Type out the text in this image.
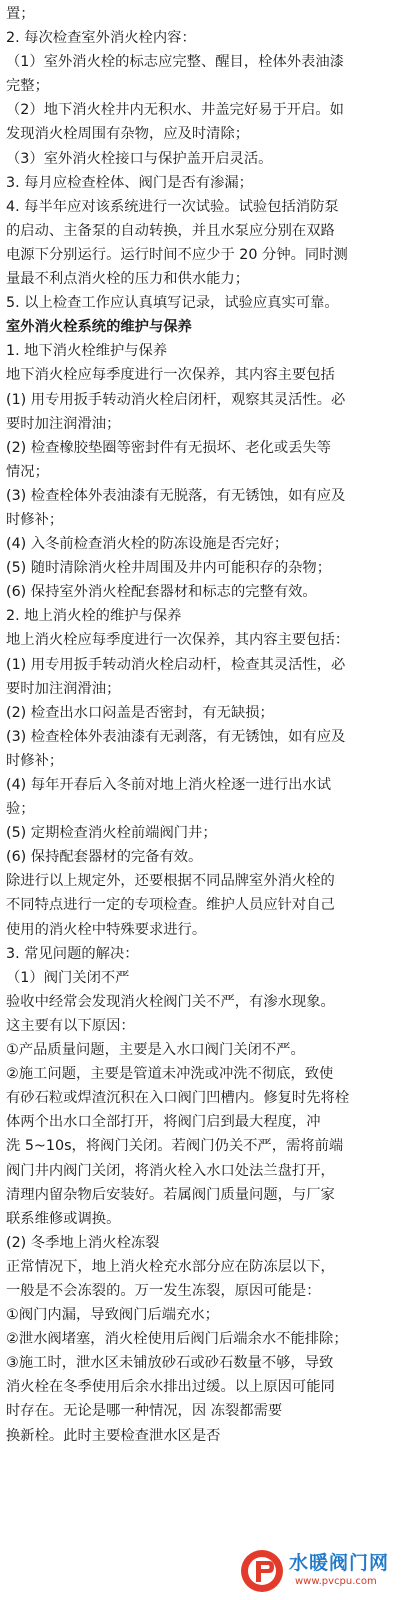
置；
2. 每次检查室外消火栓内容：
（1）室外消火栓的标志应完整、醒目，栓体外表油漆
完整；
（2）地下消火栓井内无积水、井盖完好易于开启。如
发现消火栓周围有杂物，应及时清除；
（3）室外消火栓接口与保护盖开启灵活。
3. 每月应检查栓体、阀门是否有渗漏；
4. 每半年应对该系统进行一次试验。试验包括消防泵
的启动、主备泵的自动转换，并且水泵应分别在双路
电源下分别运行。运行时间不应少于 20 分钟。同时测
量最不利点消火栓的压力和供水能力；
5. 以上检查工作应认真填写记录，试验应真实可靠。
室外消火栓系统的维护与保养
1. 地下消火栓维护与保养
地下消火栓应每季度进行一次保养，其内容主要包括
(1) 用专用扳手转动消火栓启闭杆，观察其灵活性。必
要时加注润滑油；
(2) 检查橡胶垫圈等密封件有无损坏、老化或丢失等
情况；
(3) 检查栓体外表油漆有无脱落，有无锈蚀，如有应及
时修补；
(4) 入冬前检查消火栓的防冻设施是否完好；
(5) 随时清除消火栓井周围及井内可能积存的杂物；
(6) 保持室外消火栓配套器材和标志的完整有效。
2. 地上消火栓的维护与保养
地上消火栓应每季度进行一次保养，其内容主要包括：
(1) 用专用扳手转动消火栓启动杆，检查其灵活性，必
要时加注润滑油；
(2) 检查出水口闷盖是否密封，有无缺损；
(3) 检查栓体外表油漆有无剥落，有无锈蚀，如有应及
时修补；
(4) 每年开春后入冬前对地上消火栓逐一进行出水试
验；
(5) 定期检查消火栓前端阀门井；
(6) 保持配套器材的完备有效。
除进行以上规定外，还要根据不同品牌室外消火栓的
不同特点进行一定的专项检查。维护人员应针对自己
使用的消火栓中特殊要求进行。
3. 常见问题的解决：
（1）阀门关闭不严
验收中经常会发现消火栓阀门关不严，有渗水现象。
这主要有以下原因：
①产品质量问题，主要是入水口阀门关闭不严。
②施工问题，主要是管道未冲洗或冲洗不彻底，致使
有砂石粒或焊渣沉积在入口阀门凹槽内。修复时先将栓
体两个出水口全部打开，将阀门启到最大程度，冲
洗 5~10s，将阀门关闭。若阀门仍关不严，需将前端
阀门井内阀门关闭，将消火栓入水口处法兰盘打开，
清理内留杂物后安装好。若属阀门质量问题，与厂家
联系维修或调换。
(2) 冬季地上消火栓冻裂
正常情况下，地上消火栓充水部分应在防冻层以下，
一般是不会冻裂的。万一发生冻裂，原因可能是：
①阀门内漏，导致阀门后端充水；
②泄水阀堵塞，消火栓使用后阀门后端余水不能排除；
③施工时，泄水区未铺放砂石或砂石数量不够，导致
消火栓在冬季使用后余水排出过缓。以上原因可能同
时存在。无论是哪一种情况，因 冻裂都需要
换新栓。此时主要检查泄水区是否
水暖阀门网
www.pvcpu.com
